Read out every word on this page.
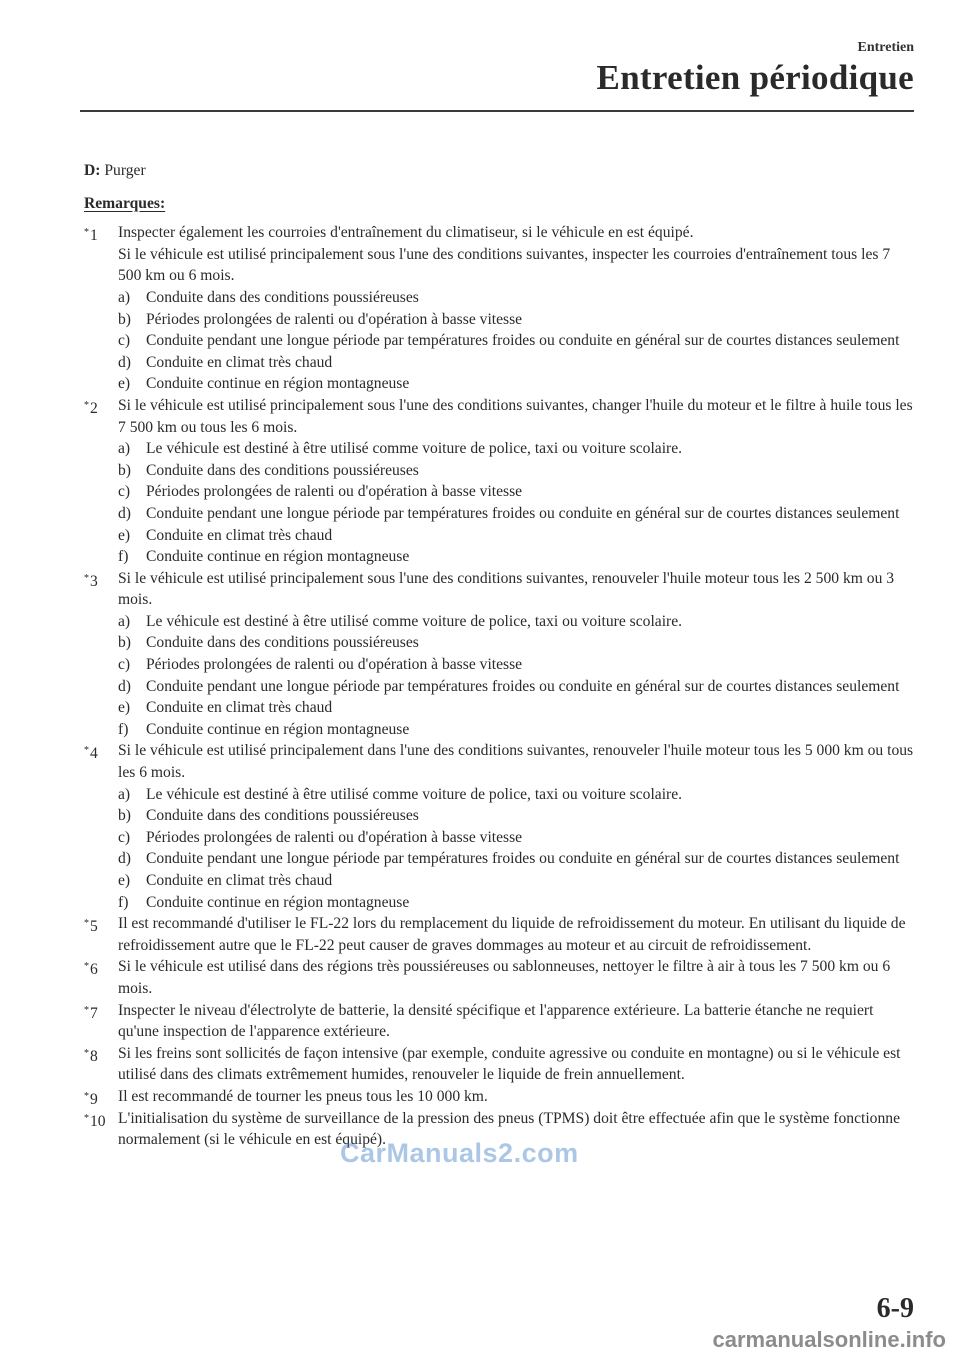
Entretien
Entretien périodique
D: Purger
Remarques:
*1 Inspecter également les courroies d'entraînement du climatiseur, si le véhicule en est équipé.
Si le véhicule est utilisé principalement sous l'une des conditions suivantes, inspecter les courroies d'entraînement tous les 7 500 km ou 6 mois.
a) Conduite dans des conditions poussiéreuses
b) Périodes prolongées de ralenti ou d'opération à basse vitesse
c) Conduite pendant une longue période par températures froides ou conduite en général sur de courtes distances seulement
d) Conduite en climat très chaud
e) Conduite continue en région montagneuse
*2 Si le véhicule est utilisé principalement sous l'une des conditions suivantes, changer l'huile du moteur et le filtre à huile tous les 7 500 km ou tous les 6 mois.
a) Le véhicule est destiné à être utilisé comme voiture de police, taxi ou voiture scolaire.
b) Conduite dans des conditions poussiéreuses
c) Périodes prolongées de ralenti ou d'opération à basse vitesse
d) Conduite pendant une longue période par températures froides ou conduite en général sur de courtes distances seulement
e) Conduite en climat très chaud
f) Conduite continue en région montagneuse
*3 Si le véhicule est utilisé principalement sous l'une des conditions suivantes, renouveler l'huile moteur tous les 2 500 km ou 3 mois.
a) Le véhicule est destiné à être utilisé comme voiture de police, taxi ou voiture scolaire.
b) Conduite dans des conditions poussiéreuses
c) Périodes prolongées de ralenti ou d'opération à basse vitesse
d) Conduite pendant une longue période par températures froides ou conduite en général sur de courtes distances seulement
e) Conduite en climat très chaud
f) Conduite continue en région montagneuse
*4 Si le véhicule est utilisé principalement dans l'une des conditions suivantes, renouveler l'huile moteur tous les 5 000 km ou tous les 6 mois.
a) Le véhicule est destiné à être utilisé comme voiture de police, taxi ou voiture scolaire.
b) Conduite dans des conditions poussiéreuses
c) Périodes prolongées de ralenti ou d'opération à basse vitesse
d) Conduite pendant une longue période par températures froides ou conduite en général sur de courtes distances seulement
e) Conduite en climat très chaud
f) Conduite continue en région montagneuse
*5 Il est recommandé d'utiliser le FL-22 lors du remplacement du liquide de refroidissement du moteur. En utilisant du liquide de refroidissement autre que le FL-22 peut causer de graves dommages au moteur et au circuit de refroidissement.
*6 Si le véhicule est utilisé dans des régions très poussiéreuses ou sablonneuses, nettoyer le filtre à air à tous les 7 500 km ou 6 mois.
*7 Inspecter le niveau d'électrolyte de batterie, la densité spécifique et l'apparence extérieure. La batterie étanche ne requiert qu'une inspection de l'apparence extérieure.
*8 Si les freins sont sollicités de façon intensive (par exemple, conduite agressive ou conduite en montagne) ou si le véhicule est utilisé dans des climats extrêmement humides, renouveler le liquide de frein annuellement.
*9 Il est recommandé de tourner les pneus tous les 10 000 km.
*10 L'initialisation du système de surveillance de la pression des pneus (TPMS) doit être effectuée afin que le système fonctionne normalement (si le véhicule en est équipé).
6-9
CarManuals2.com
carmanualsonline.info
